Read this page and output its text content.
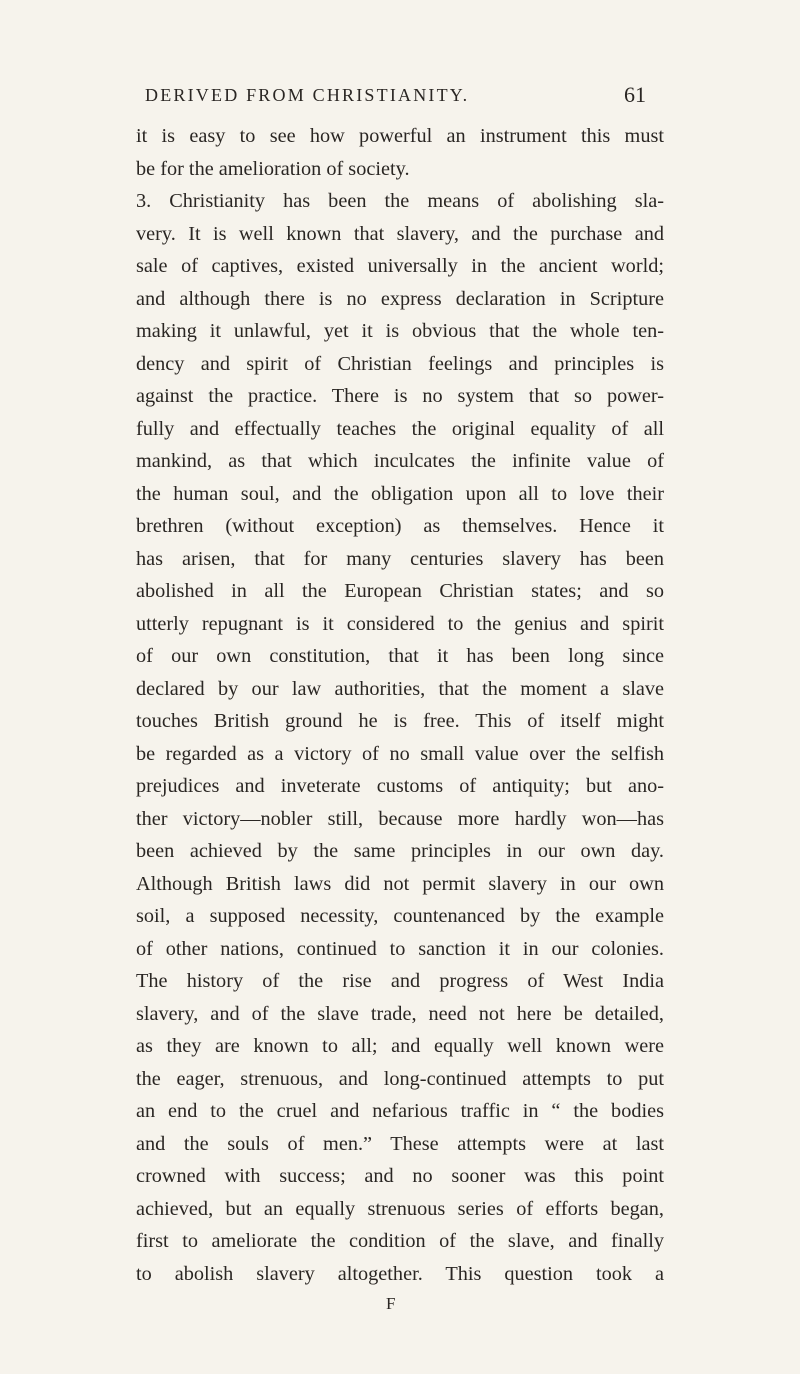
DERIVED FROM CHRISTIANITY.	61
it is easy to see how powerful an instrument this must
be for the amelioration of society.
3. Christianity has been the means of abolishing sla-
very. It is well known that slavery, and the purchase and
sale of captives, existed universally in the ancient world;
and although there is no express declaration in Scripture
making it unlawful, yet it is obvious that the whole ten-
dency and spirit of Christian feelings and principles is
against the practice. There is no system that so power-
fully and effectually teaches the original equality of all
mankind, as that which inculcates the infinite value of
the human soul, and the obligation upon all to love their
brethren (without exception) as themselves. Hence it
has arisen, that for many centuries slavery has been
abolished in all the European Christian states; and so
utterly repugnant is it considered to the genius and spirit
of our own constitution, that it has been long since
declared by our law authorities, that the moment a slave
touches British ground he is free. This of itself might
be regarded as a victory of no small value over the selfish
prejudices and inveterate customs of antiquity; but ano-
ther victory—nobler still, because more hardly won—has
been achieved by the same principles in our own day.
Although British laws did not permit slavery in our own
soil, a supposed necessity, countenanced by the example
of other nations, continued to sanction it in our colonies.
The history of the rise and progress of West India
slavery, and of the slave trade, need not here be detailed,
as they are known to all; and equally well known were
the eager, strenuous, and long-continued attempts to put
an end to the cruel and nefarious traffic in “ the bodies
and the souls of men.” These attempts were at last
crowned with success; and no sooner was this point
achieved, but an equally strenuous series of efforts began,
first to ameliorate the condition of the slave, and finally
to abolish slavery altogether. This question took a
F
